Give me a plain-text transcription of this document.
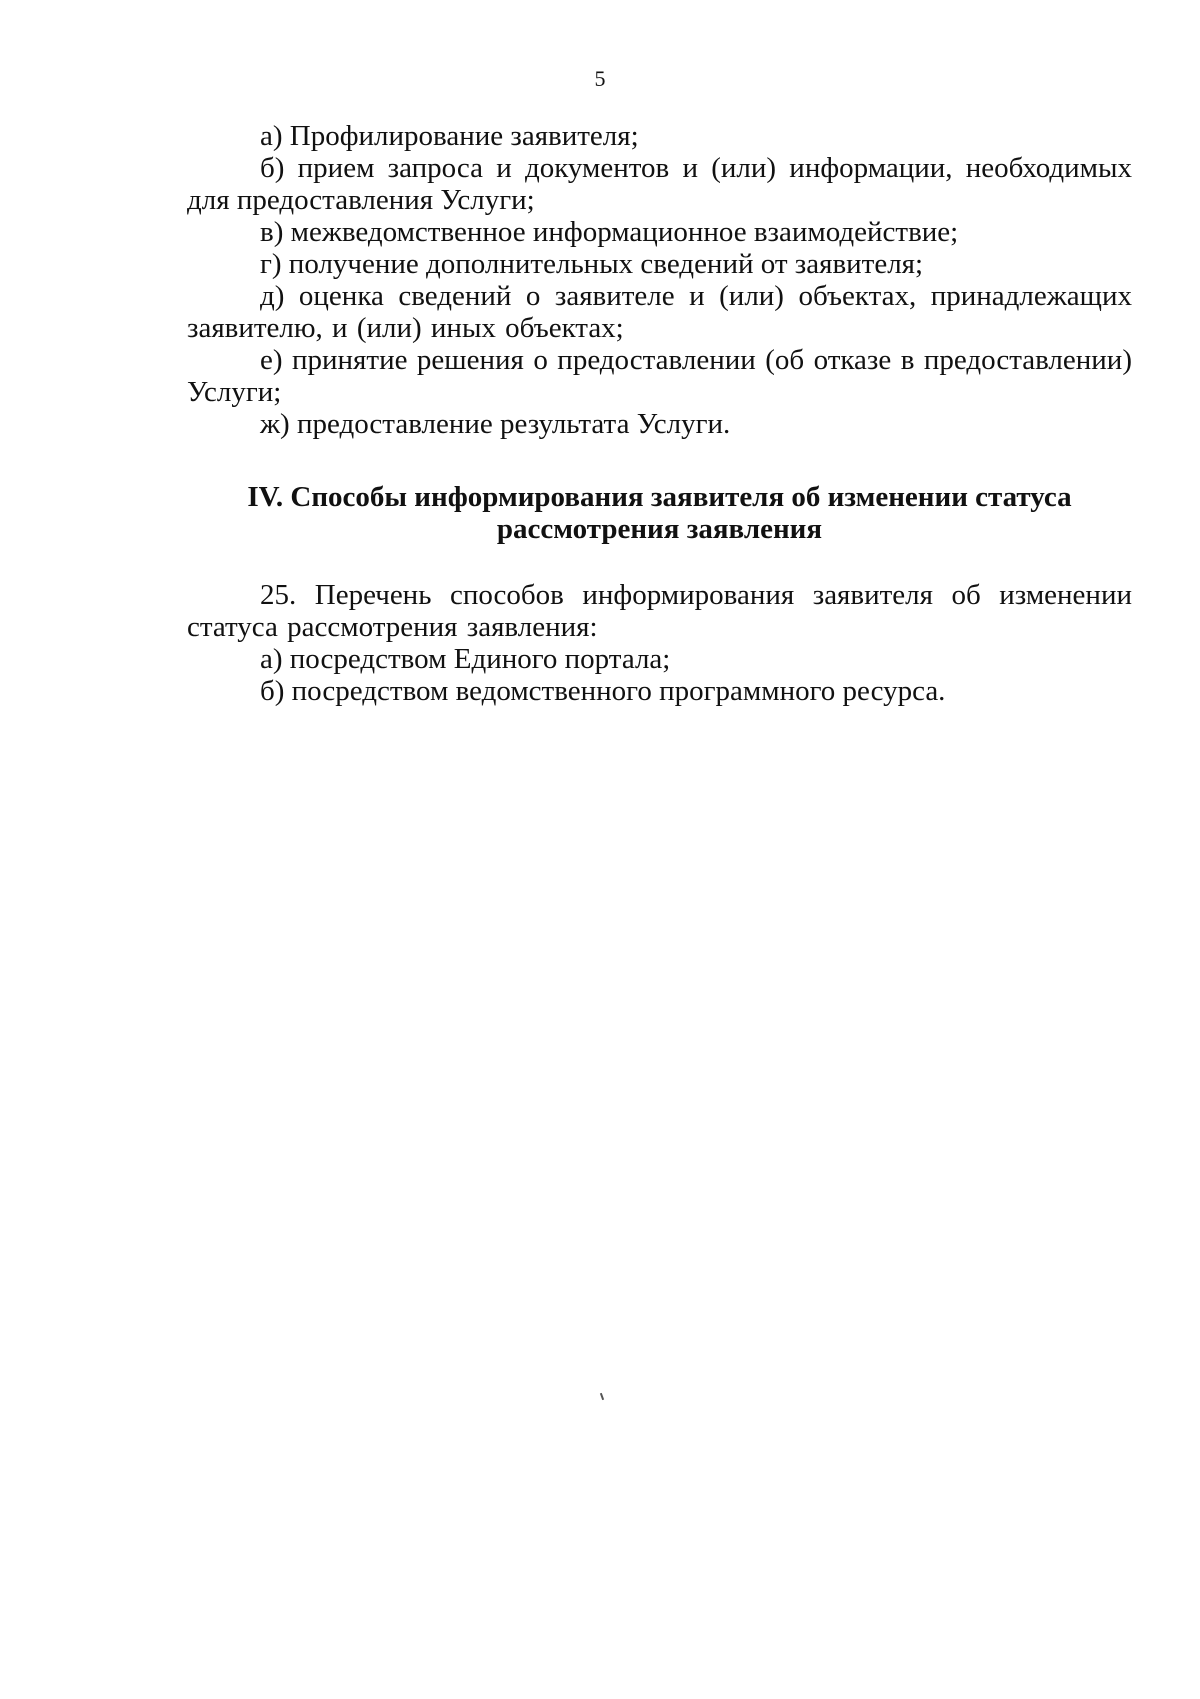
5

а) Профилирование заявителя;

б) прием запроса и документов и (или) информации, необходимых для предоставления Услуги;

в) межведомственное информационное взаимодействие;

г) получение дополнительных сведений от заявителя;

д) оценка сведений о заявителе и (или) объектах, принадлежащих заявителю, и (или) иных объектах;

е) принятие решения о предоставлении (об отказе в предоставлении) Услуги;

ж) предоставление результата Услуги.

IV. Способы информирования заявителя об изменении статуса
рассмотрения заявления

25. Перечень способов информирования заявителя об изменении статуса рассмотрения заявления:

а) посредством Единого портала;

б) посредством ведомственного программного ресурса.
